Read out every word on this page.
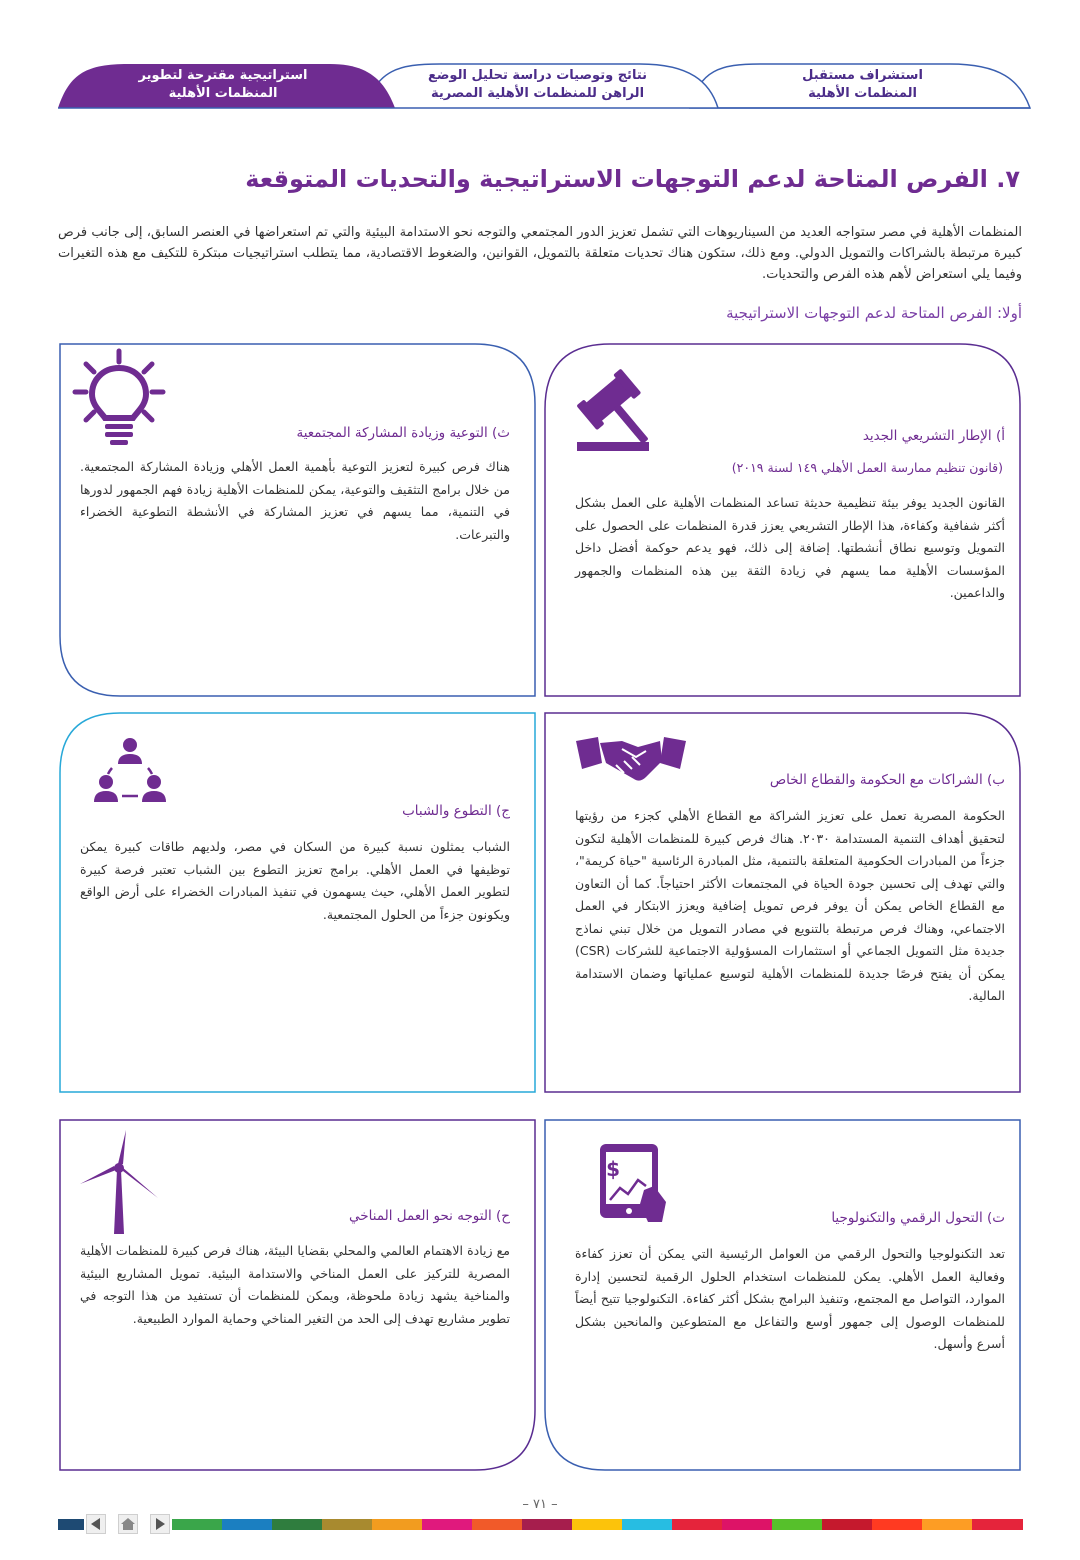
استشراف مستقبل
المنظمات الأهلية
نتائج وتوصيات دراسة تحليل الوضع
الراهن للمنظمات الأهلية المصرية
استراتيجية مقترحة لتطوير
المنظمات الأهلية
٧. الفرص المتاحة لدعم التوجهات الاستراتيجية والتحديات المتوقعة
المنظمات الأهلية في مصر ستواجه العديد من السيناريوهات التي تشمل تعزيز الدور المجتمعي والتوجه نحو الاستدامة البيئية والتي تم استعراضها في العنصر السابق، إلى جانب فرص كبيرة مرتبطة بالشراكات والتمويل الدولي. ومع ذلك، ستكون هناك تحديات متعلقة بالتمويل، القوانين، والضغوط الاقتصادية، مما يتطلب استراتيجيات مبتكرة للتكيف مع هذه التغيرات وفيما يلي استعراض لأهم هذه الفرص والتحديات.
أولا: الفرص المتاحة لدعم التوجهات الاستراتيجية
أ) الإطار التشريعي الجديد
(قانون تنظيم ممارسة العمل الأهلي ١٤٩ لسنة ٢٠١٩)
القانون الجديد يوفر بيئة تنظيمية حديثة تساعد المنظمات الأهلية على العمل بشكل أكثر شفافية وكفاءة، هذا الإطار التشريعي يعزز قدرة المنظمات على الحصول على التمويل وتوسيع نطاق أنشطتها. إضافة إلى ذلك، فهو يدعم حوكمة أفضل داخل المؤسسات الأهلية مما يسهم في زيادة الثقة بين هذه المنظمات والجمهور والداعمين.
ث) التوعية وزيادة المشاركة المجتمعية
هناك فرص كبيرة لتعزيز التوعية بأهمية العمل الأهلي وزيادة المشاركة المجتمعية. من خلال برامج التثقيف والتوعية، يمكن للمنظمات الأهلية زيادة فهم الجمهور لدورها في التنمية، مما يسهم في تعزيز المشاركة في الأنشطة التطوعية الخضراء والتبرعات.
ب) الشراكات مع الحكومة والقطاع الخاص
الحكومة المصرية تعمل على تعزيز الشراكة مع القطاع الأهلي كجزء من رؤيتها لتحقيق أهداف التنمية المستدامة ٢٠٣٠. هناك فرص كبيرة للمنظمات الأهلية لتكون جزءاً من المبادرات الحكومية المتعلقة بالتنمية، مثل المبادرة الرئاسية "حياة كريمة"، والتي تهدف إلى تحسين جودة الحياة في المجتمعات الأكثر احتياجاً. كما أن التعاون مع القطاع الخاص يمكن أن يوفر فرص تمويل إضافية ويعزز الابتكار في العمل الاجتماعي، وهناك فرص مرتبطة بالتنويع في مصادر التمويل من خلال تبني نماذج جديدة مثل التمويل الجماعي أو استثمارات المسؤولية الاجتماعية للشركات (CSR) يمكن أن يفتح فرصًا جديدة للمنظمات الأهلية لتوسيع عملياتها وضمان الاستدامة المالية.
ج) التطوع والشباب
الشباب يمثلون نسبة كبيرة من السكان في مصر، ولديهم طاقات كبيرة يمكن توظيفها في العمل الأهلي. برامج تعزيز التطوع بين الشباب تعتبر فرصة كبيرة لتطوير العمل الأهلي، حيث يسهمون في تنفيذ المبادرات الخضراء على أرض الواقع ويكونون جزءاً من الحلول المجتمعية.
$
ت) التحول الرقمي والتكنولوجيا
تعد التكنولوجيا والتحول الرقمي من العوامل الرئيسية التي يمكن أن تعزز كفاءة وفعالية العمل الأهلي. يمكن للمنظمات استخدام الحلول الرقمية لتحسين إدارة الموارد، التواصل مع المجتمع، وتنفيذ البرامج بشكل أكثر كفاءة. التكنولوجيا تتيح أيضاً للمنظمات الوصول إلى جمهور أوسع والتفاعل مع المتطوعين والمانحين بشكل أسرع وأسهل.
ح) التوجه نحو العمل المناخي
مع زيادة الاهتمام العالمي والمحلي بقضايا البيئة، هناك فرص كبيرة للمنظمات الأهلية المصرية للتركيز على العمل المناخي والاستدامة البيئية. تمويل المشاريع البيئية والمناخية يشهد زيادة ملحوظة، ويمكن للمنظمات أن تستفيد من هذا التوجه في تطوير مشاريع تهدف إلى الحد من التغير المناخي وحماية الموارد الطبيعية.
– ٧١ –
